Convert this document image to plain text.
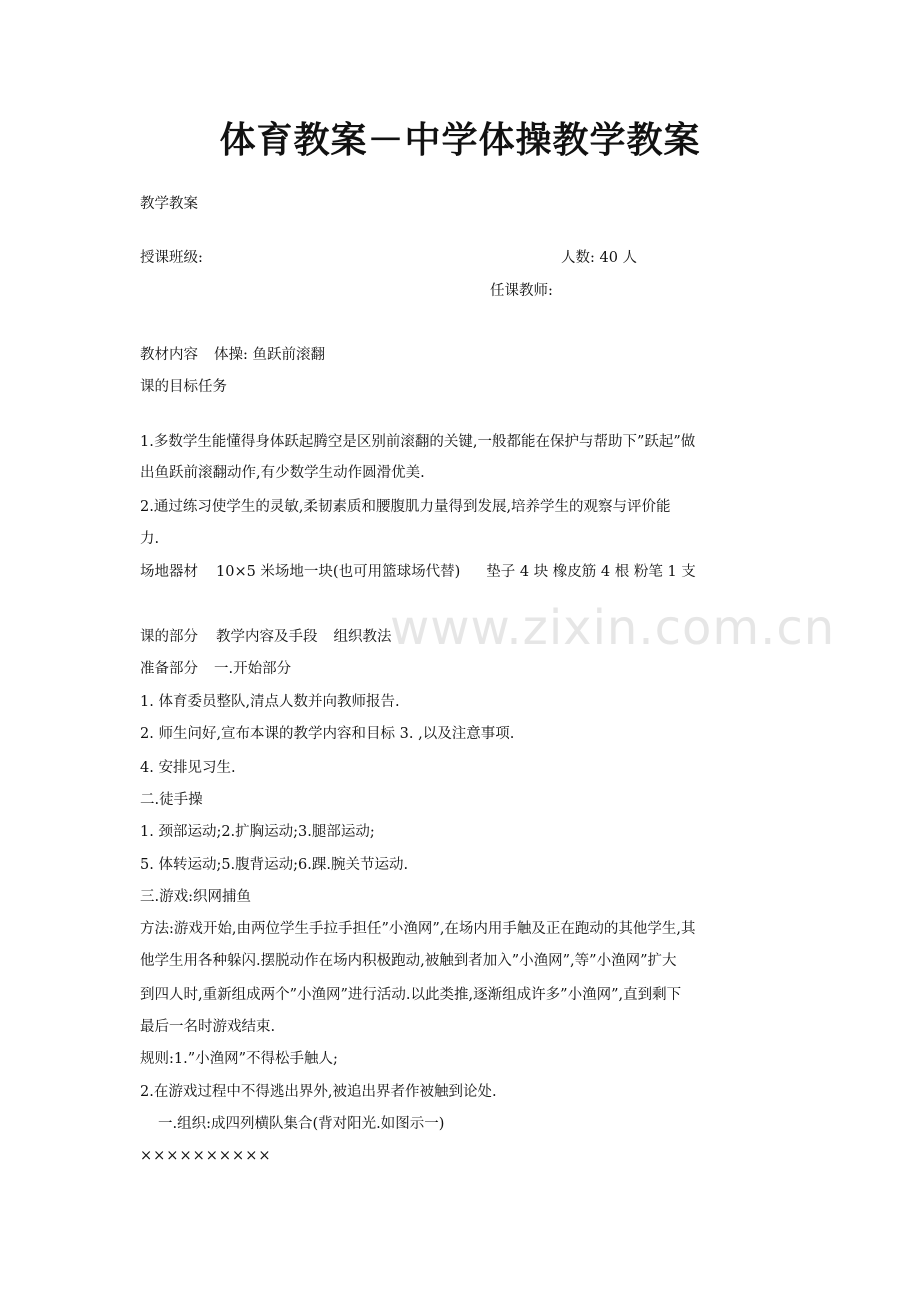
体育教案－中学体操教学教案
www.zixin.com.cn
教学教案
授课班级:	人数: 40 人
任课教师:
教材内容 体操: 鱼跃前滚翻
课的目标任务
1.多数学生能懂得身体跃起腾空是区别前滚翻的关键,一般都能在保护与帮助下”跃起”做
出鱼跃前滚翻动作,有少数学生动作圆滑优美.
2.通过练习使学生的灵敏,柔韧素质和腰腹肌力量得到发展,培养学生的观察与评价能
力.
场地器材 10×5 米场地一块(也可用篮球场代替) 垫子 4 块 橡皮筋 4 根 粉笔 1 支
课的部分 教学内容及手段 组织教法
准备部分 一.开始部分
1. 体育委员整队,清点人数并向教师报告.
2. 师生问好,宣布本课的教学内容和目标 3. ,以及注意事项.
4. 安排见习生.
二.徒手操
1. 颈部运动;2.扩胸运动;3.腿部运动;
5. 体转运动;5.腹背运动;6.踝.腕关节运动.
三.游戏:织网捕鱼
方法:游戏开始,由两位学生手拉手担任”小渔网”,在场内用手触及正在跑动的其他学生,其
他学生用各种躲闪.摆脱动作在场内积极跑动,被触到者加入”小渔网”,等”小渔网”扩大
到四人时,重新组成两个”小渔网”进行活动.以此类推,逐渐组成许多”小渔网”,直到剩下
最后一名时游戏结束.
规则:1.”小渔网”不得松手触人;
2.在游戏过程中不得逃出界外,被追出界者作被触到论处.
一.组织:成四列横队集合(背对阳光.如图示一)
××××××××××
